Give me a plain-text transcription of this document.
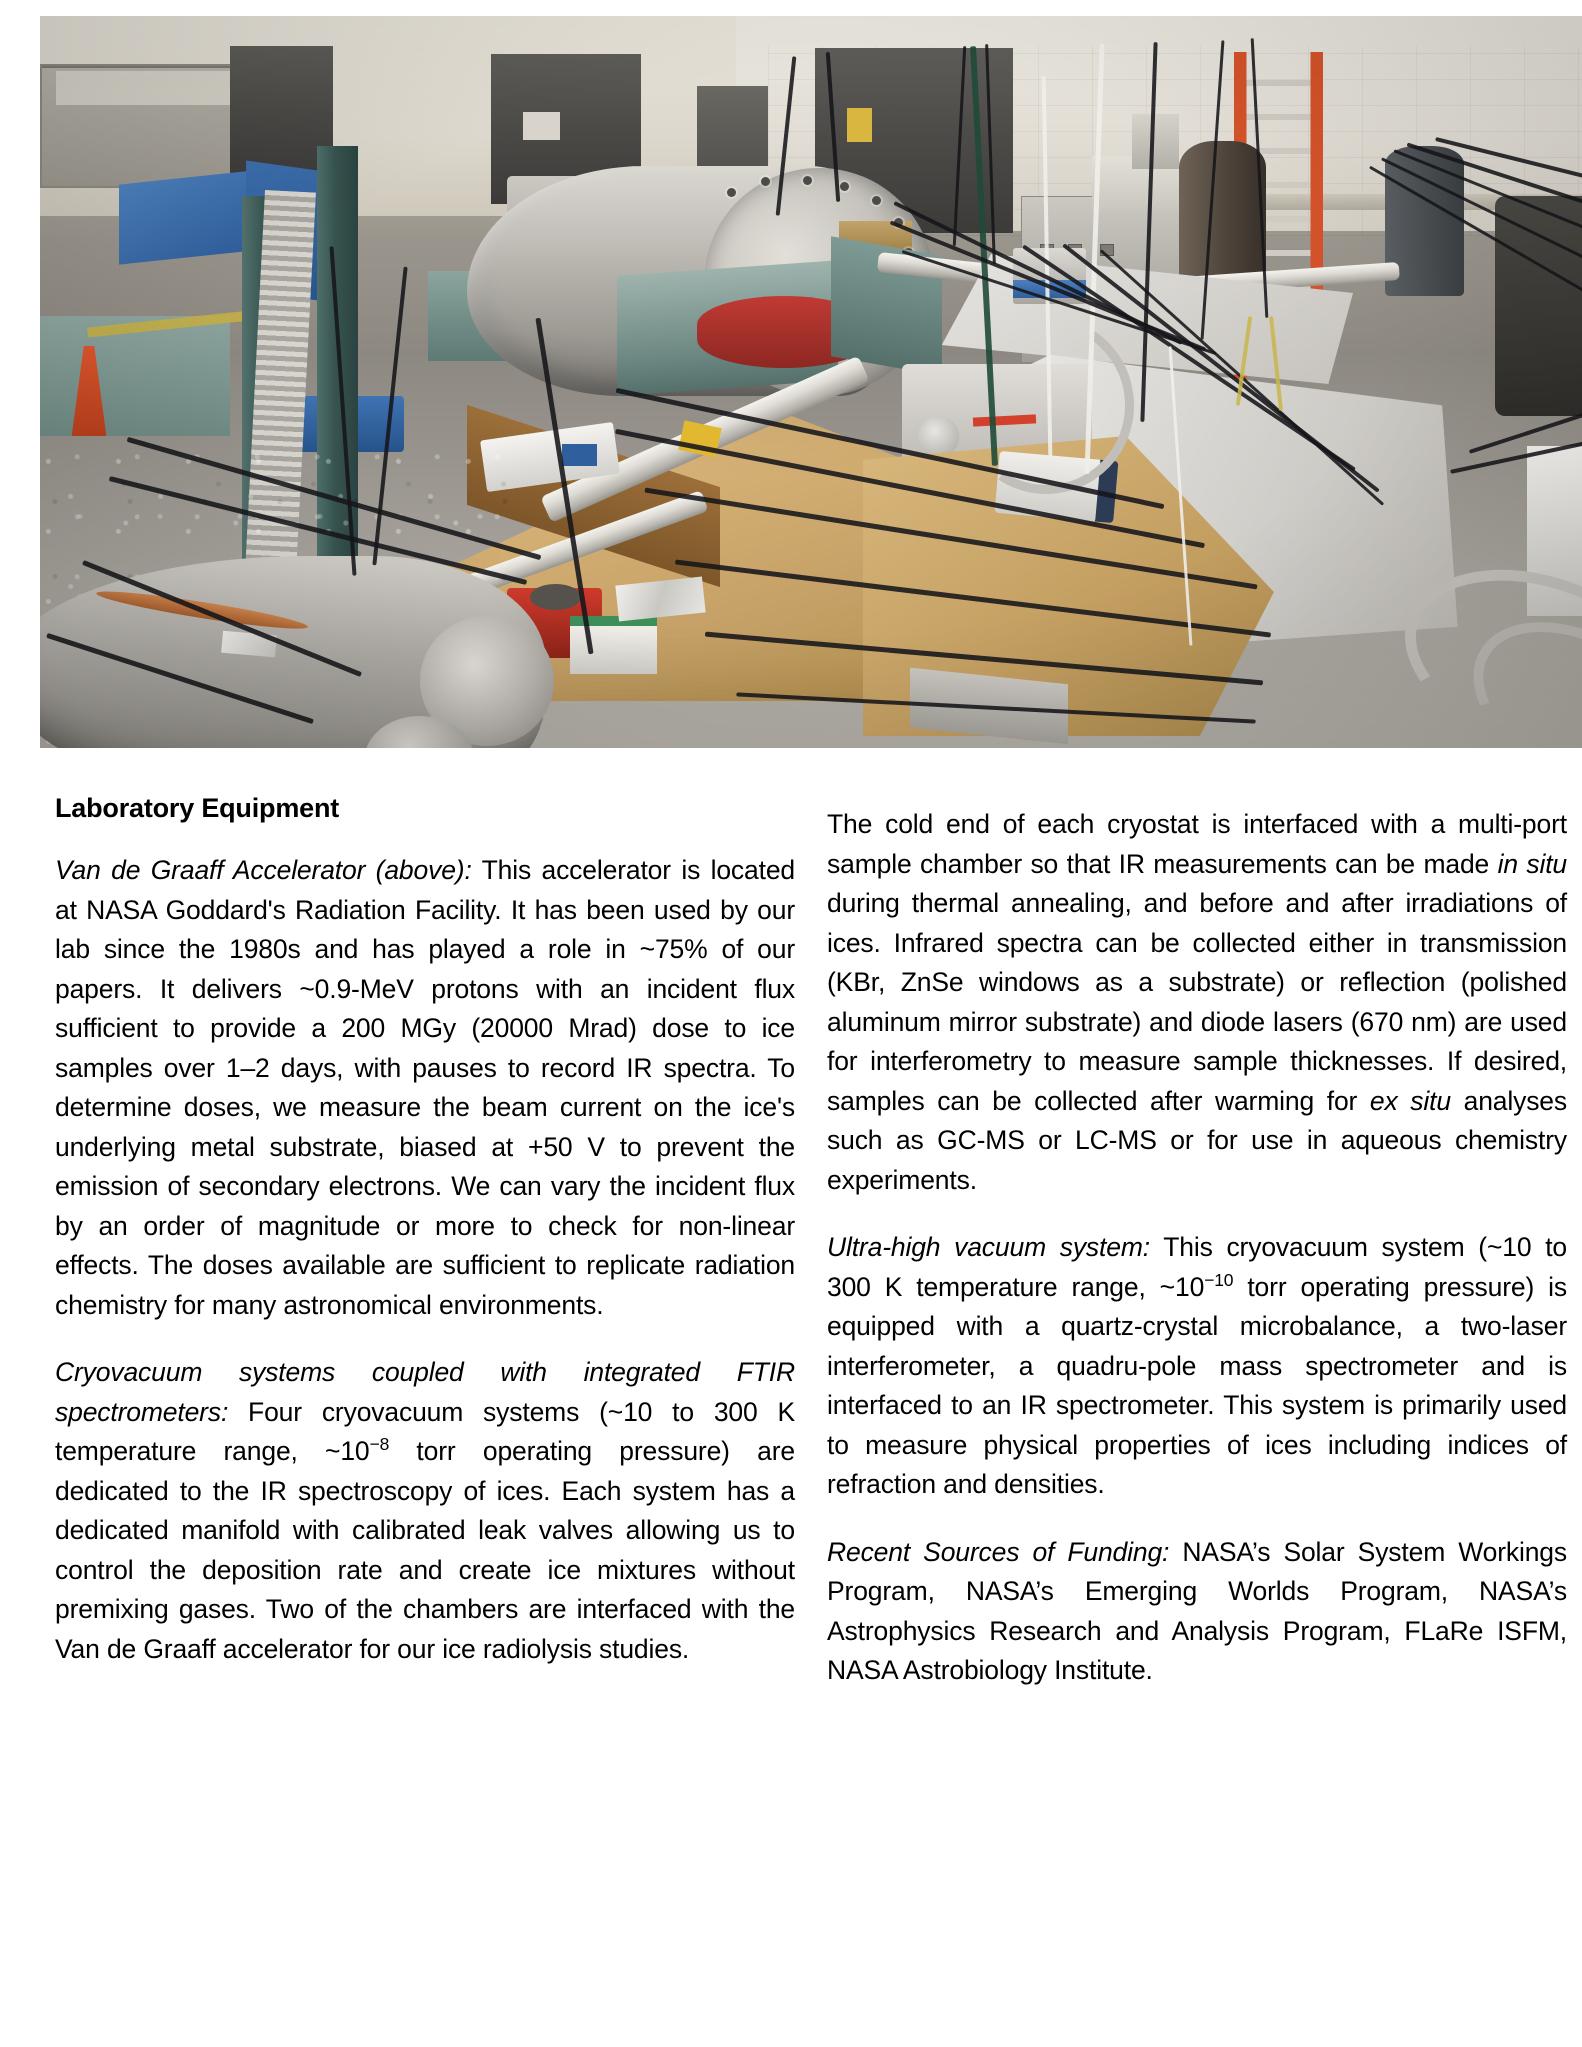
Laboratory Equipment

Van de Graaff Accelerator (above): This accelerator is located at NASA Goddard's Radiation Facility. It has been used by our lab since the 1980s and has played a role in ~75% of our papers. It delivers ~0.9-MeV protons with an incident flux sufficient to provide a 200 MGy (20000 Mrad) dose to ice samples over 1–2 days, with pauses to record IR spectra. To determine doses, we measure the beam current on the ice's underlying metal substrate, biased at +50 V to prevent the emission of secondary electrons. We can vary the incident flux by an order of magnitude or more to check for non-linear effects. The doses available are sufficient to replicate radiation chemistry for many astronomical environments.

Cryovacuum systems coupled with integrated FTIR spectrometers: Four cryovacuum systems (~10 to 300 K temperature range, $\sim 10^{-8}$ torr operating pressure) are dedicated to the IR spectroscopy of ices. Each system has a dedicated manifold with calibrated leak valves allowing us to control the deposition rate and create ice mixtures without premixing gases. Two of the chambers are interfaced with the Van de Graaff accelerator for our ice radiolysis studies.

The cold end of each cryostat is interfaced with a multi-port sample chamber so that IR measurements can be made in situ during thermal annealing, and before and after irradiations of ices. Infrared spectra can be collected either in transmission (KBr, ZnSe windows as a substrate) or reflection (polished aluminum mirror substrate) and diode lasers (670 nm) are used for interferometry to measure sample thicknesses. If desired, samples can be collected after warming for ex situ analyses such as GC-MS or LC-MS or for use in aqueous chemistry experiments.

Ultra-high vacuum system: This cryovacuum system (~10 to 300 K temperature range, $\sim 10^{-10}$ torr operating pressure) is equipped with a quartz-crystal microbalance, a two-laser interferometer, a quadru-pole mass spectrometer and is interfaced to an IR spectrometer. This system is primarily used to measure physical properties of ices including indices of refraction and densities.

Recent Sources of Funding: NASA’s Solar System Workings Program, NASA’s Emerging Worlds Program, NASA’s Astrophysics Research and Analysis Program, FLaRe ISFM, NASA Astrobiology Institute.
